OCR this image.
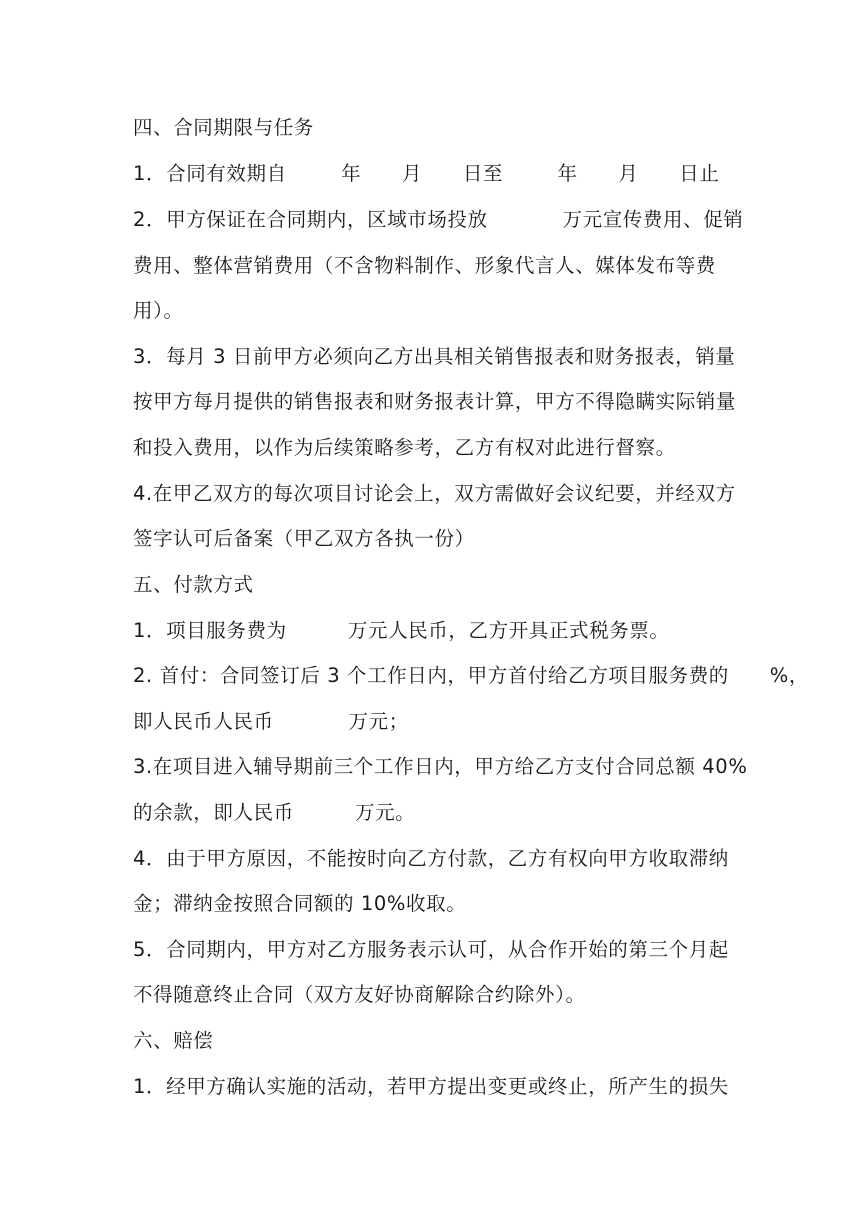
四、合同期限与任务
1．合同有效期自        年      月      日至        年      月      日止
2．甲方保证在合同期内，区域市场投放           万元宣传费用、促销
费用、整体营销费用（不含物料制作、形象代言人、媒体发布等费
用）。
3．每月 3 日前甲方必须向乙方出具相关销售报表和财务报表，销量
按甲方每月提供的销售报表和财务报表计算，甲方不得隐瞒实际销量
和投入费用，以作为后续策略参考，乙方有权对此进行督察。
4.在甲乙双方的每次项目讨论会上，双方需做好会议纪要，并经双方
签字认可后备案（甲乙双方各执一份）
五、付款方式
1．项目服务费为         万元人民币，乙方开具正式税务票。
2. 首付：合同签订后 3 个工作日内，甲方首付给乙方项目服务费的      %，
即人民币人民币           万元；
3.在项目进入辅导期前三个工作日内，甲方给乙方支付合同总额 40%
的余款，即人民币         万元。
4．由于甲方原因，不能按时向乙方付款，乙方有权向甲方收取滞纳
金；滞纳金按照合同额的 10%收取。
5．合同期内，甲方对乙方服务表示认可，从合作开始的第三个月起
不得随意终止合同（双方友好协商解除合约除外）。
六、赔偿
1．经甲方确认实施的活动，若甲方提出变更或终止，所产生的损失
